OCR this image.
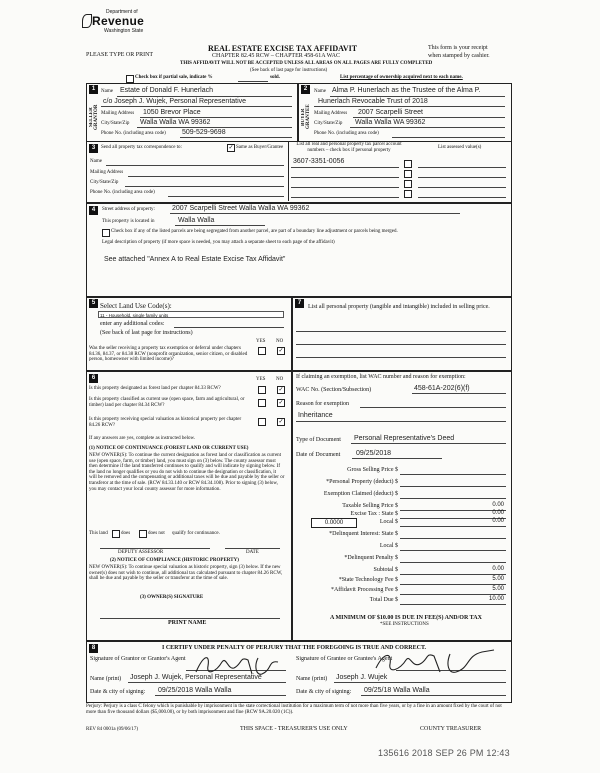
Department of
Revenue
Washington State
PLEASE TYPE OR PRINT
REAL ESTATE EXCISE TAX AFFIDAVIT
CHAPTER 82.45 RCW – CHAPTER 458-61A WAC
THIS AFFIDAVIT WILL NOT BE ACCEPTED UNLESS ALL AREAS ON ALL PAGES ARE FULLY COMPLETED
(See back of last page for instructions)
This form is your receipt
when stamped by cashier.
Check box if partial sale, indicate %	sold.	List percentage of ownership acquired next to each name.
1	2
SELLER GRANTOR	BUYER GRANTEE
Name Estate of Donald F. Hunerlach
c/o Joseph J. Wujek, Personal Representative
Mailing Address 1050 Brevor Place
City/State/Zip Walla Walla WA 99362
Phone No. (including area code) 509-529-9698
Name Alma P. Hunerlach as the Trustee of the Alma P.
Hunerlach Revocable Trust of 2018
Mailing Address 2007 Scarpelli Street
City/State/Zip Walla Walla WA 99362
Phone No. (including area code)
3	Send all property tax correspondence to:	✓ Same as Buyer/Grantee
Name
Mailing Address
City/State/Zip
Phone No. (including area code)
List all real and personal property tax parcel account numbers – check box if personal property
List assessed value(s)
3607-3351-0056
4	Street address of property: 2007 Scarpelli Street Walla Walla WA 99362
This property is located in	Walla Walla
Check box if any of the listed parcels are being segregated from another parcel, are part of a boundary line adjustment or parcels being merged.
Legal description of property (if more space is needed, you may attach a separate sheet to each page of the affidavit)
See attached "Annex A to Real Estate Excise Tax Affidavit"
5 Select Land Use Code(s):
11 - Household, single family units
enter any additional codes:
(See back of last page for instructions)
YES NO
Was the seller receiving a property tax exemption or deferral under chapters 84.36, 84.37, or 84.38 RCW (nonprofit organization, senior citizen, or disabled person, homeowner with limited income)?
✓
6	YES NO
Is this property designated as forest land per chapter 84.33 RCW?	✓
Is this property classified as current use (open space, farm and agricultural, or timber) land per chapter 84.34 RCW?	✓
Is this property receiving special valuation as historical property per chapter 84.26 RCW?	✓
If any answers are yes, complete as instructed below.
(1) NOTICE OF CONTINUANCE (FOREST LAND OR CURRENT USE)
NEW OWNER(S): To continue the current designation as forest land or classification as current use (open space, farm, or timber) land, you must sign on (3) below. The county assessor must then determine if the land transferred continues to qualify and will indicate by signing below. If the land no longer qualifies or you do not wish to continue the designation or classification, it will be removed and the compensating or additional taxes will be due and payable by the seller or transferor at the time of sale. (RCW 84.33.140 or RCW 84.34.108). Prior to signing (3) below, you may contact your local county assessor for more information.
This land	does	does not qualify for continuance.
DEPUTY ASSESSOR	DATE
(2) NOTICE OF COMPLIANCE (HISTORIC PROPERTY)
NEW OWNER(S): To continue special valuation as historic property, sign (3) below. If the new owner(s) does not wish to continue, all additional tax calculated pursuant to chapter 84.26 RCW, shall be due and payable by the seller or transferor at the time of sale.
(3) OWNER(S) SIGNATURE
PRINT NAME
7
List all personal property (tangible and intangible) included in selling price.
If claiming an exemption, list WAC number and reason for exemption:
WAC No. (Section/Subsection)	458-61A-202(6)(f)
Reason for exemption
Inheritance
Type of Document Personal Representative's Deed
Date of Document 09/25/2018
Gross Selling Price $
*Personal Property (deduct) $
Exemption Claimed (deduct) $
Taxable Selling Price $	0.00
Excise Tax : State $	0.00
Local $	0.00
*Delinquent Interest: State $
Local $
*Delinquent Penalty $
Subtotal $	0.00
*State Technology Fee $	5.00
*Affidavit Processing Fee $	5.00
Total Due $	10.00
0.0000
A MINIMUM OF $10.00 IS DUE IN FEE(S) AND/OR TAX
*SEE INSTRUCTIONS
8	I CERTIFY UNDER PENALTY OF PERJURY THAT THE FOREGOING IS TRUE AND CORRECT.
Signature of Grantor or Grantor's Agent
Name (print) Joseph J. Wujek, Personal Representative
Date & city of signing: 09/25/2018 Walla Walla
Signature of Grantee or Grantee's Agent
Name (print) Joseph J. Wujek
Date & city of signing: 09/25/18 Walla Walla
Perjury: Perjury is a class C felony which is punishable by imprisonment in the state correctional institution for a maximum term of not more than five years, or by a fine in an amount fixed by the court of not more than five thousand dollars ($5,000.00), or by both imprisonment and fine (RCW 9A.20.020 (1C)).
REV 84 0001a (09/06/17)	THIS SPACE - TREASURER'S USE ONLY	COUNTY TREASURER
135616 2018 SEP 26 PM 12:43
